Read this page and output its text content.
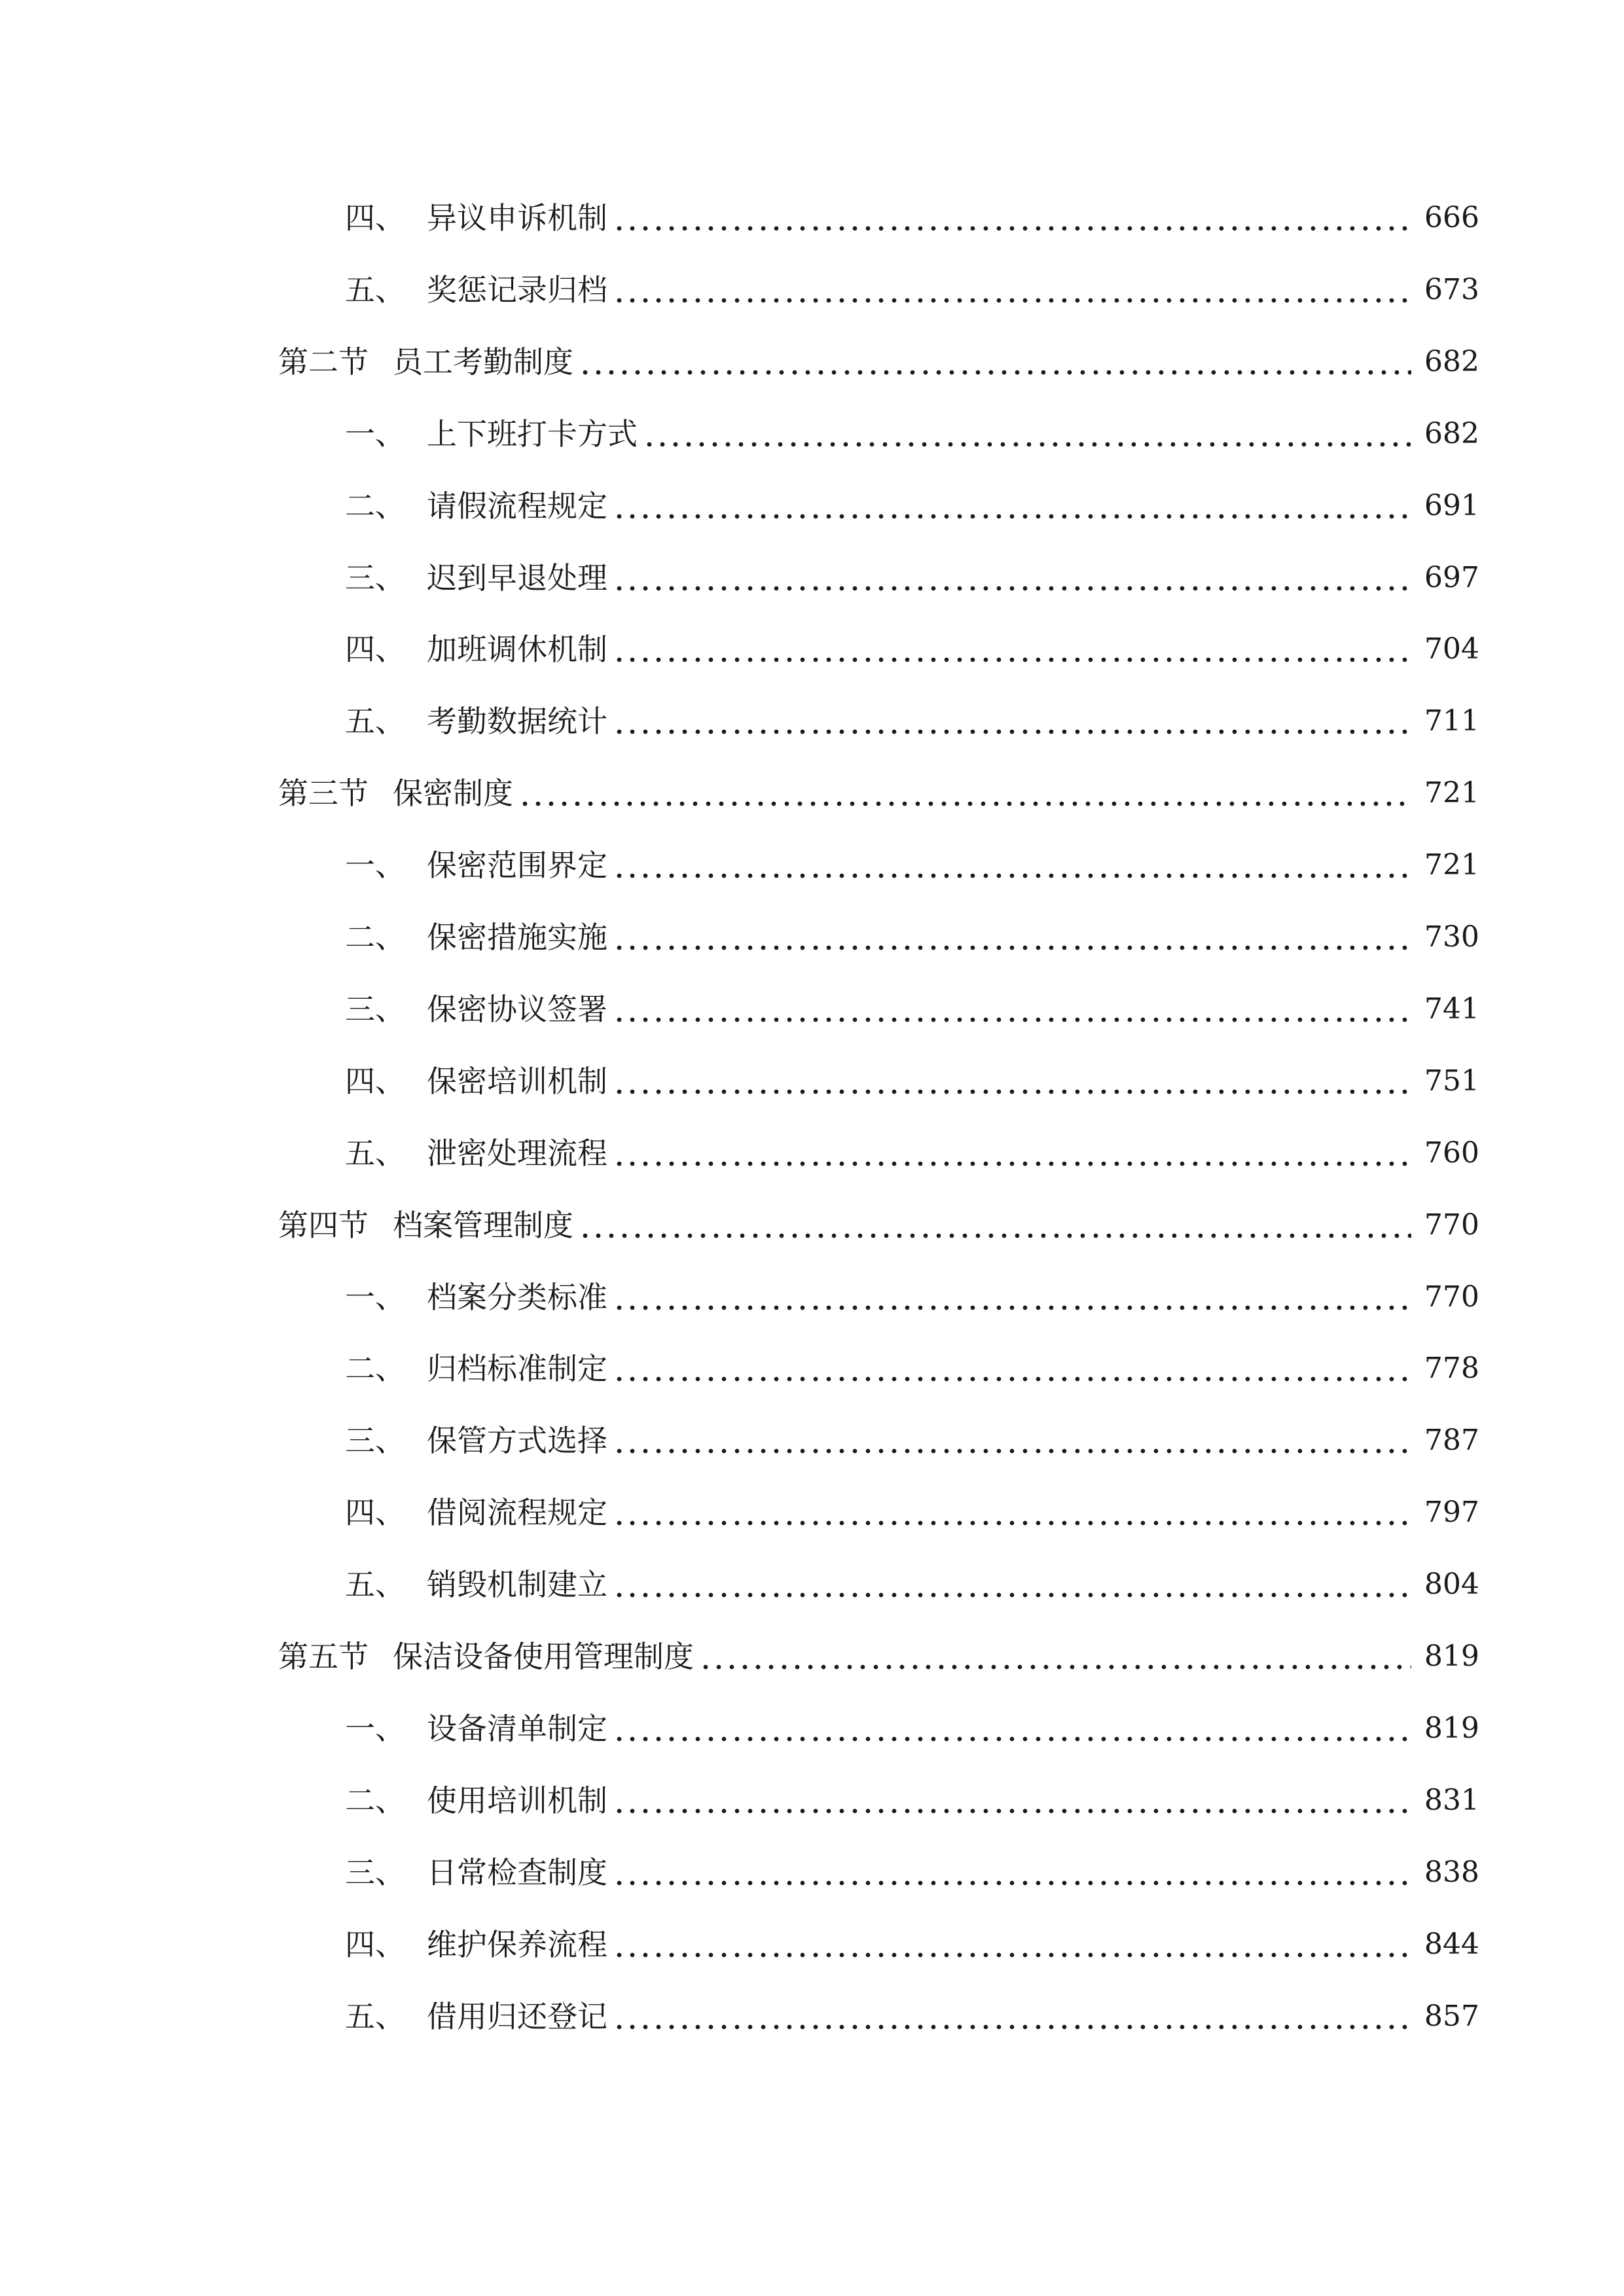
四、 异议申诉机制	666
五、 奖惩记录归档	673
第二节 员工考勤制度	682
一、 上下班打卡方式	682
二、 请假流程规定	691
三、 迟到早退处理	697
四、 加班调休机制	704
五、 考勤数据统计	711
第三节 保密制度	721
一、 保密范围界定	721
二、 保密措施实施	730
三、 保密协议签署	741
四、 保密培训机制	751
五、 泄密处理流程	760
第四节 档案管理制度	770
一、 档案分类标准	770
二、 归档标准制定	778
三、 保管方式选择	787
四、 借阅流程规定	797
五、 销毁机制建立	804
第五节 保洁设备使用管理制度	819
一、 设备清单制定	819
二、 使用培训机制	831
三、 日常检查制度	838
四、 维护保养流程	844
五、 借用归还登记	857
